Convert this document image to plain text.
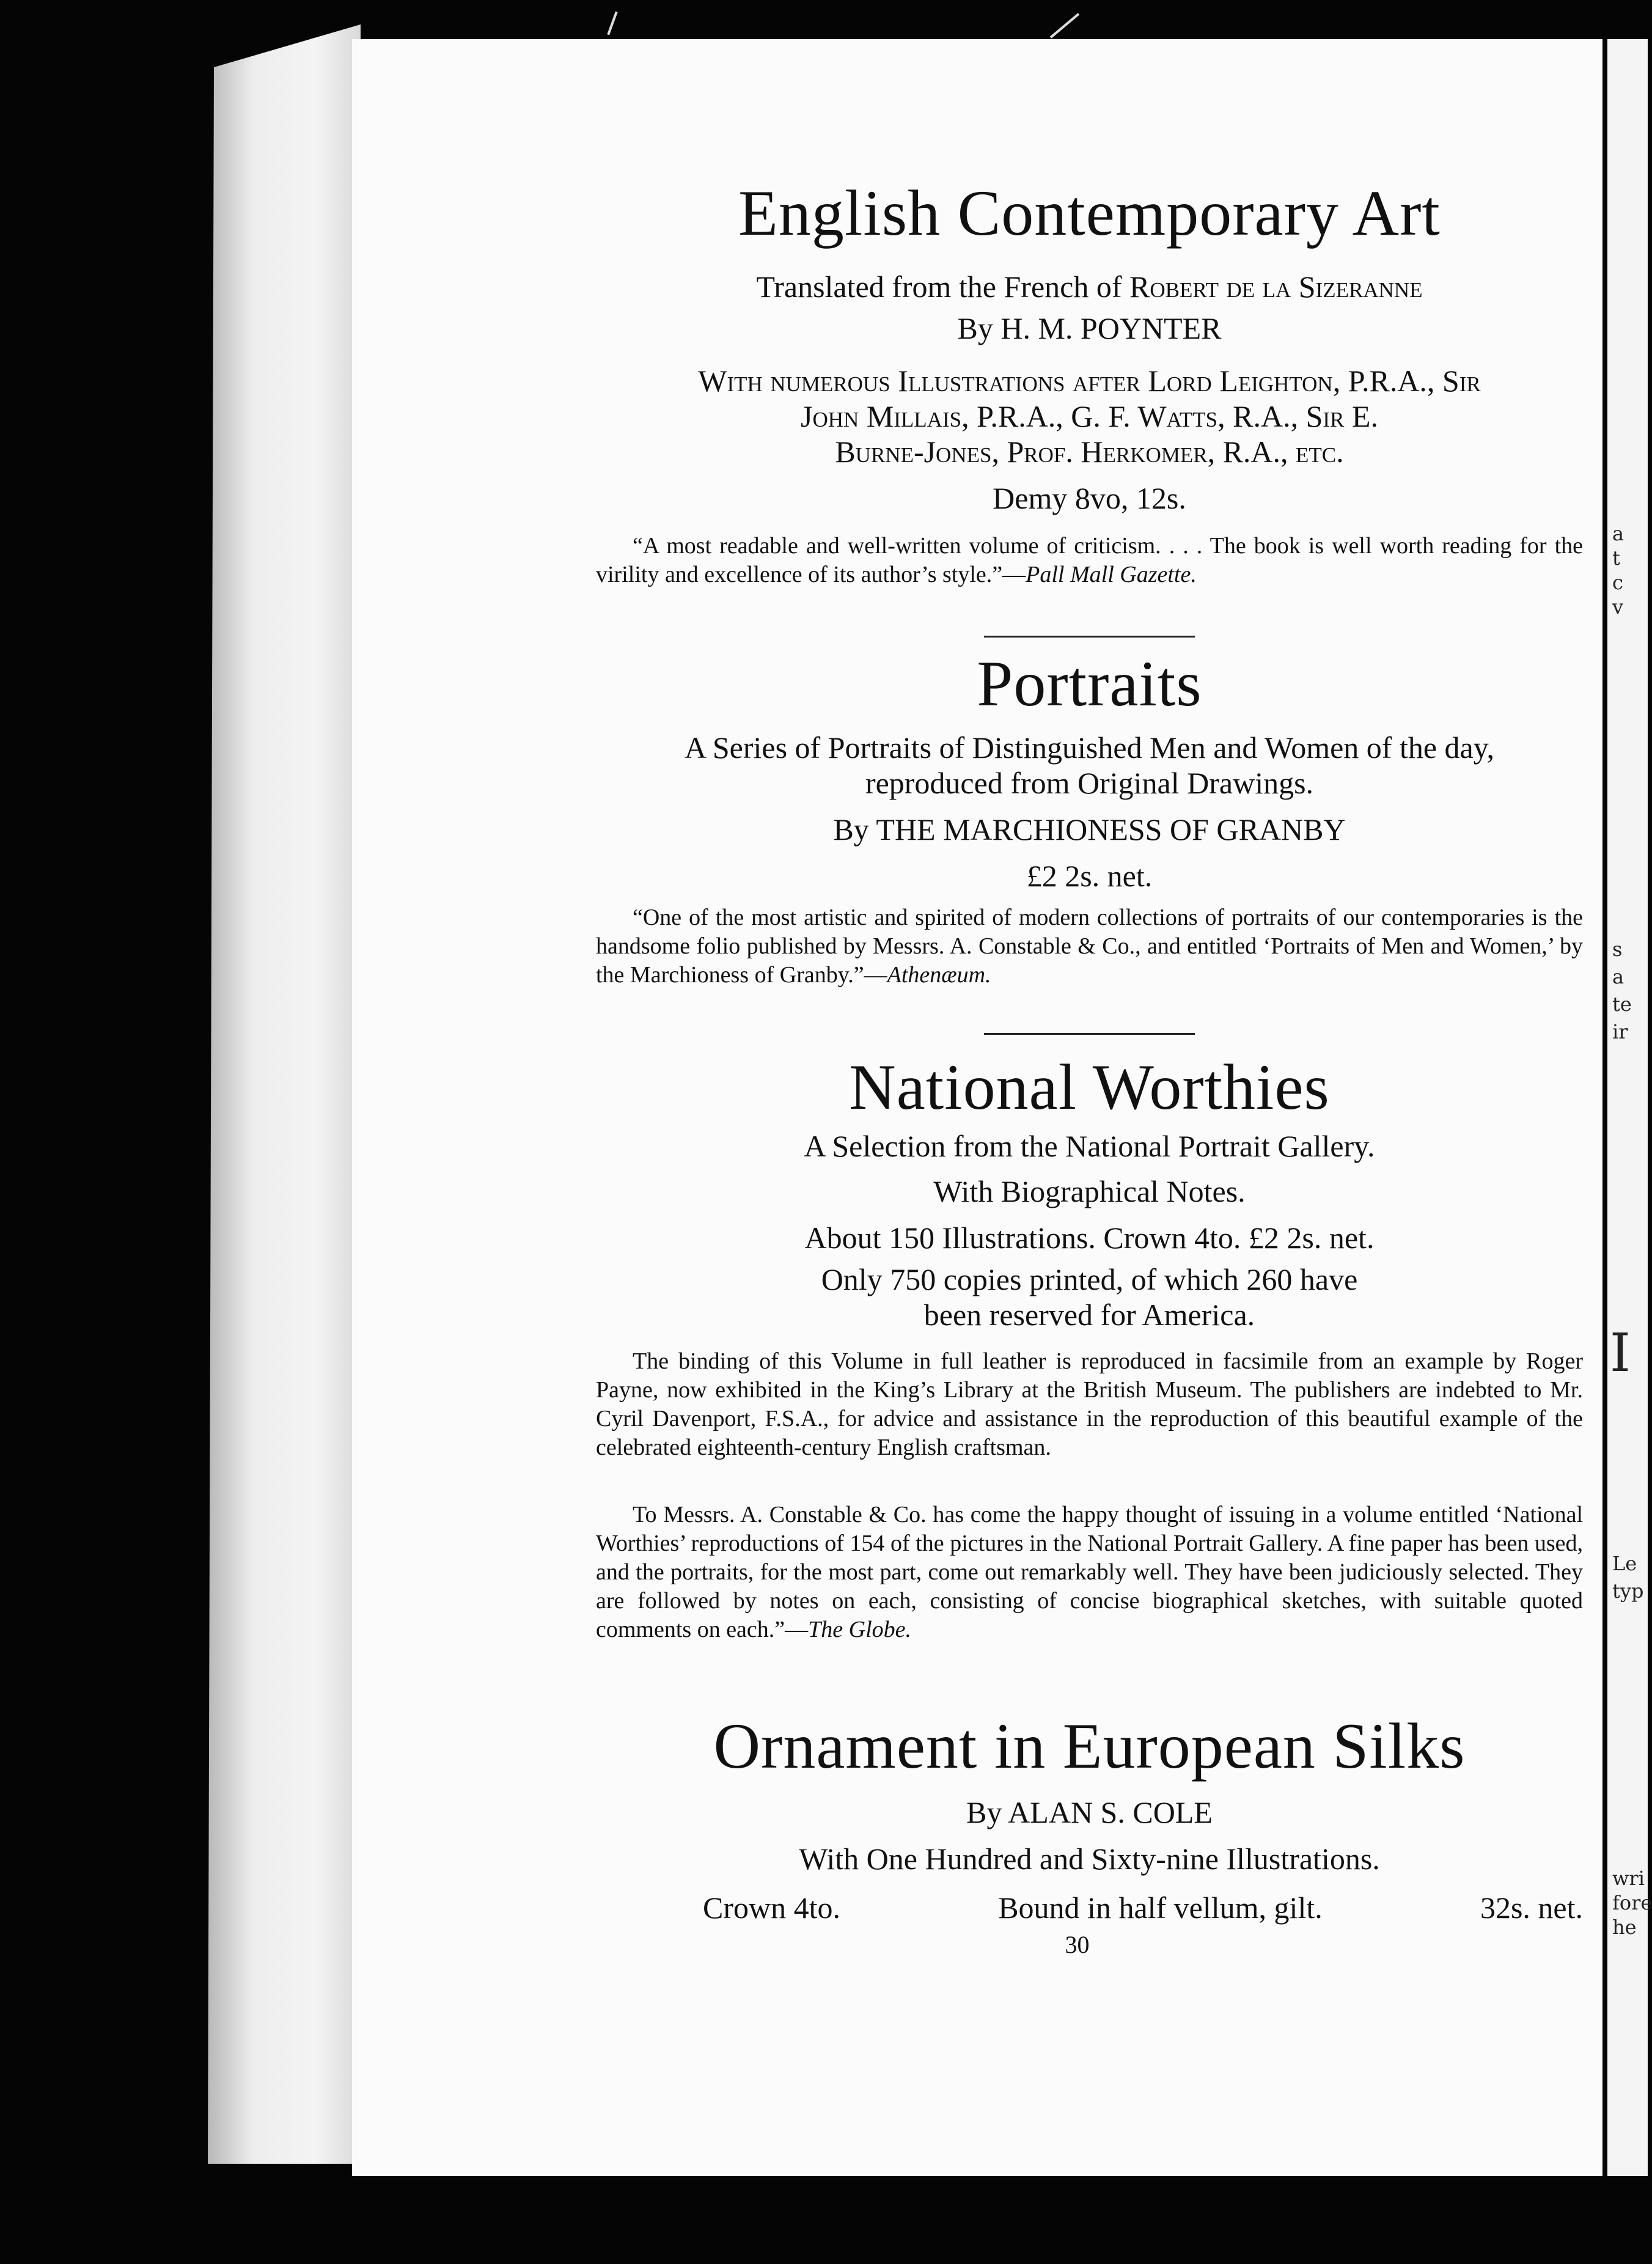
a
t
c
v
s
a
te
ir
I
Le
typ
wri
fore
he
English Contemporary Art
Translated from the French of Robert de la Sizeranne
By H. M. POYNTER
With numerous Illustrations after Lord Leighton, P.R.A., Sir
John Millais, P.R.A., G. F. Watts, R.A., Sir E.
Burne-Jones, Prof. Herkomer, R.A., etc.
Demy 8vo, 12s.

“A most readable and well-written volume of criticism. . . . The book is well worth reading for the virility and excellence of its author’s style.”—Pall Mall Gazette.

Portraits
A Series of Portraits of Distinguished Men and Women of the day,
reproduced from Original Drawings.
By THE MARCHIONESS OF GRANBY
£2 2s. net.

“One of the most artistic and spirited of modern collections of portraits of our contemporaries is the handsome folio published by Messrs. A. Constable & Co., and entitled ‘Portraits of Men and Women,’ by the Marchioness of Granby.”—Athenæum.

National Worthies
A Selection from the National Portrait Gallery.
With Biographical Notes.
About 150 Illustrations. Crown 4to. £2 2s. net.
Only 750 copies printed, of which 260 have
been reserved for America.

The binding of this Volume in full leather is reproduced in facsimile from an example by Roger Payne, now exhibited in the King’s Library at the British Museum. The publishers are indebted to Mr. Cyril Davenport, F.S.A., for advice and assistance in the reproduction of this beautiful example of the celebrated eighteenth-century English craftsman.

To Messrs. A. Constable & Co. has come the happy thought of issuing in a volume entitled ‘National Worthies’ reproductions of 154 of the pictures in the National Portrait Gallery. A fine paper has been used, and the portraits, for the most part, come out remarkably well. They have been judiciously selected. They are followed by notes on each, consisting of concise biographical sketches, with suitable quoted comments on each.”—The Globe.

Ornament in European Silks
By ALAN S. COLE
With One Hundred and Sixty-nine Illustrations.
Crown 4to.	Bound in half vellum, gilt.	32s. net.
30
